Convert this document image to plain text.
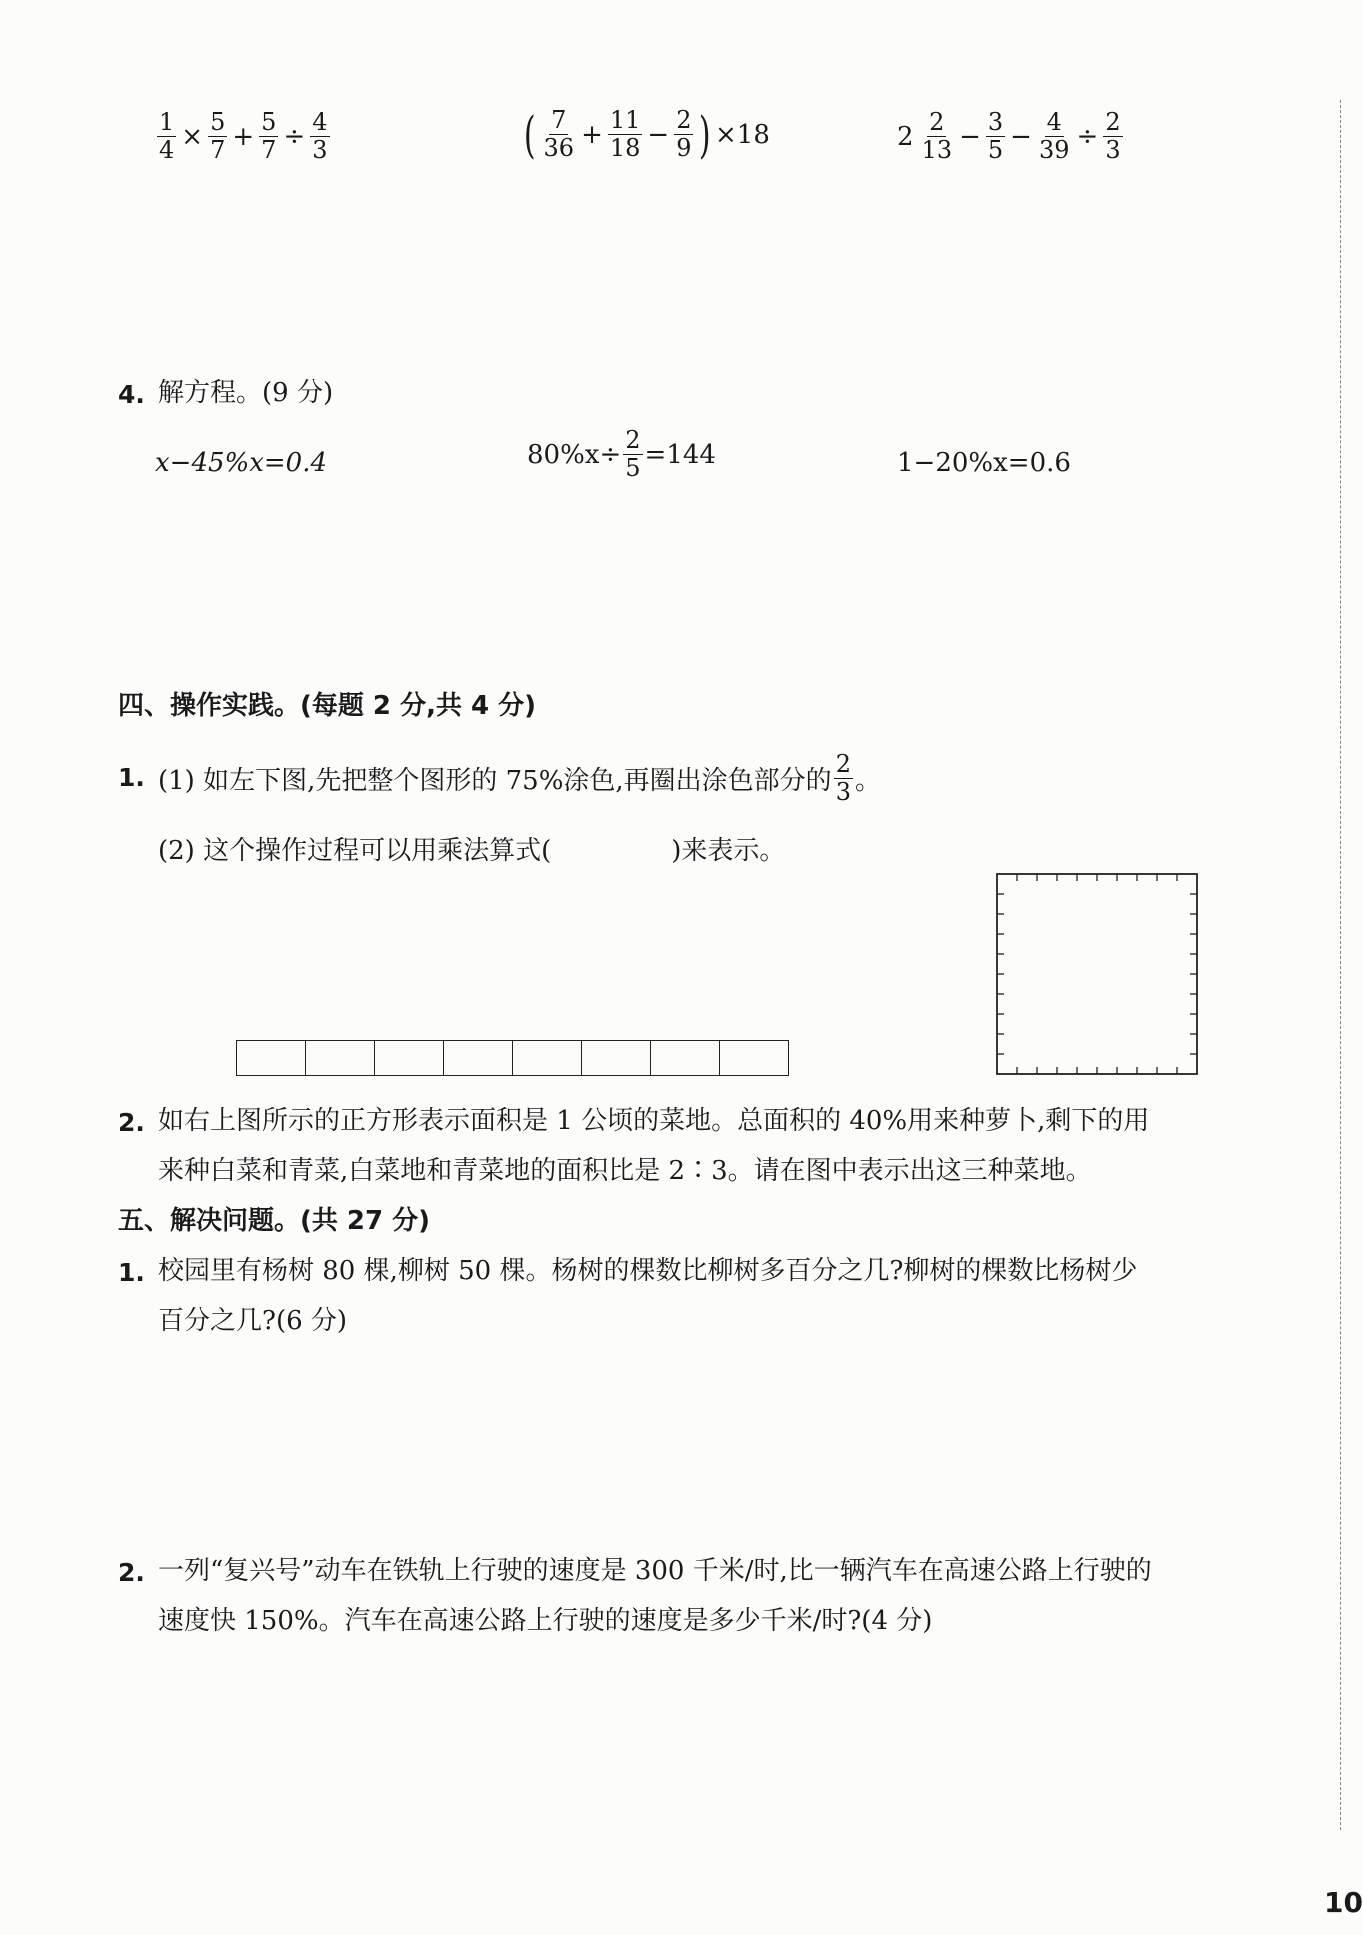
$\frac{1}{4} \times \frac{5}{7} + \frac{5}{7} \div \frac{4}{3}$	( $\frac{7}{36} + \frac{11}{18} - \frac{2}{9}$ ) ×18	$2 \frac{2}{13} - \frac{3}{5} - \frac{4}{39} \div \frac{2}{3}$
4. 解方程。(9 分)
x−45%x=0.4	$80\%x\div \frac{2}{5} =144$	1−20%x=0.6
四、操作实践。(每题 2 分,共 4 分)
1. (1) 如左下图,先把整个图形的 75%涂色,再圈出涂色部分的 $\frac{2}{3}$ 。
(2) 这个操作过程可以用乘法算式(	)来表示。
2. 如右上图所示的正方形表示面积是 1 公顷的菜地。总面积的 40%用来种萝卜,剩下的用
来种白菜和青菜,白菜地和青菜地的面积比是 2∶3。请在图中表示出这三种菜地。
五、解决问题。(共 27 分)
1. 校园里有杨树 80 棵,柳树 50 棵。杨树的棵数比柳树多百分之几?柳树的棵数比杨树少
百分之几?(6 分)
2. 一列“复兴号”动车在铁轨上行驶的速度是 300 千米/时,比一辆汽车在高速公路上行驶的
速度快 150%。汽车在高速公路上行驶的速度是多少千米/时?(4 分)
10
